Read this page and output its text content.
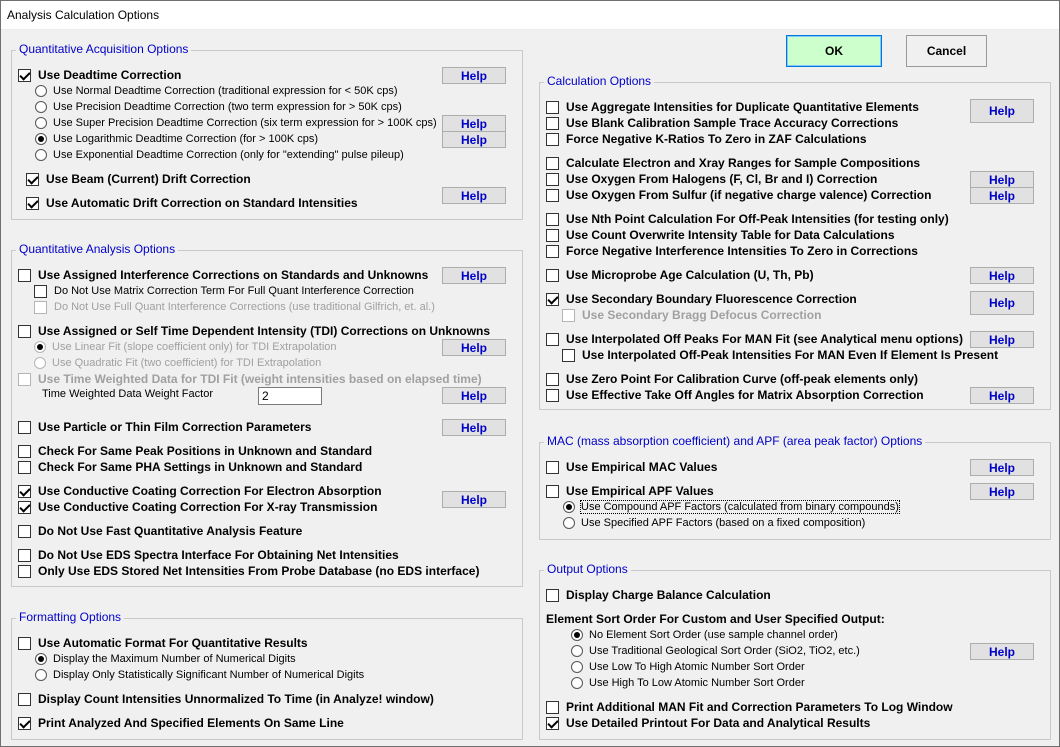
Analysis Calculation Options
Quantitative Acquisition Options
Use Deadtime Correction
Use Normal Deadtime Correction (traditional expression for < 50K cps)
Use Precision Deadtime Correction (two term expression for > 50K cps)
Use Super Precision Deadtime Correction (six term expression for > 100K cps)
Use Logarithmic Deadtime Correction (for > 100K cps)
Use Exponential Deadtime Correction (only for "extending" pulse pileup)
Use Beam (Current) Drift Correction
Use Automatic Drift Correction on Standard Intensities
Quantitative Analysis Options
Use Assigned Interference Corrections on Standards and Unknowns
Do Not Use Matrix Correction Term For Full Quant Interference Correction
Do Not Use Full Quant Interference Corrections (use traditional Gilfrich, et. al.)
Use Assigned or Self Time Dependent Intensity (TDI) Corrections on Unknowns
Use Linear Fit (slope coefficient only) for TDI Extrapolation
Use Quadratic Fit (two coefficient) for TDI Extrapolation
Use Time Weighted Data for TDI Fit (weight intensities based on elapsed time)
Time Weighted Data Weight Factor	2
Use Particle or Thin Film Correction Parameters
Check For Same Peak Positions in Unknown and Standard
Check For Same PHA Settings in Unknown and Standard
Use Conductive Coating Correction For Electron Absorption
Use Conductive Coating Correction For X-ray Transmission
Do Not Use Fast Quantitative Analysis Feature
Do Not Use EDS Spectra Interface For Obtaining Net Intensities
Only Use EDS Stored Net Intensities From Probe Database (no EDS interface)
Formatting Options
Use Automatic Format For Quantitative Results
Display the Maximum Number of Numerical Digits
Display Only Statistically Significant Number of Numerical Digits
Display Count Intensities Unnormalized To Time (in Analyze! window)
Print Analyzed And Specified Elements On Same Line
OK	Cancel
Calculation Options
Use Aggregate Intensities for Duplicate Quantitative Elements
Use Blank Calibration Sample Trace Accuracy Corrections
Force Negative K-Ratios To Zero in ZAF Calculations
Calculate Electron and Xray Ranges for Sample Compositions
Use Oxygen From Halogens (F, Cl, Br and I) Correction
Use Oxygen From Sulfur (if negative charge valence) Correction
Use Nth Point Calculation For Off-Peak Intensities (for testing only)
Use Count Overwrite Intensity Table for Data Calculations
Force Negative Interference Intensities To Zero in Corrections
Use Microprobe Age Calculation (U, Th, Pb)
Use Secondary Boundary Fluorescence Correction
Use Secondary Bragg Defocus Correction
Use Interpolated Off Peaks For MAN Fit (see Analytical menu options)
Use Interpolated Off-Peak Intensities For MAN Even If Element Is Present
Use Zero Point For Calibration Curve (off-peak elements only)
Use Effective Take Off Angles for Matrix Absorption Correction
MAC (mass absorption coefficient) and APF (area peak factor) Options
Use Empirical MAC Values
Use Empirical APF Values
Use Compound APF Factors (calculated from binary compounds)
Use Specified APF Factors (based on a fixed composition)
Output Options
Display Charge Balance Calculation
Element Sort Order For Custom and User Specified Output:
No Element Sort Order (use sample channel order)
Use Traditional Geological Sort Order (SiO2, TiO2, etc.)
Use Low To High Atomic Number Sort Order
Use High To Low Atomic Number Sort Order
Print Additional MAN Fit and Correction Parameters To Log Window
Use Detailed Printout For Data and Analytical Results
Help
Help
Help
Help
Help
Help
Help
Help
Help
Help
Help
Help
Help
Help
Help
Help
Help
Help
Help
